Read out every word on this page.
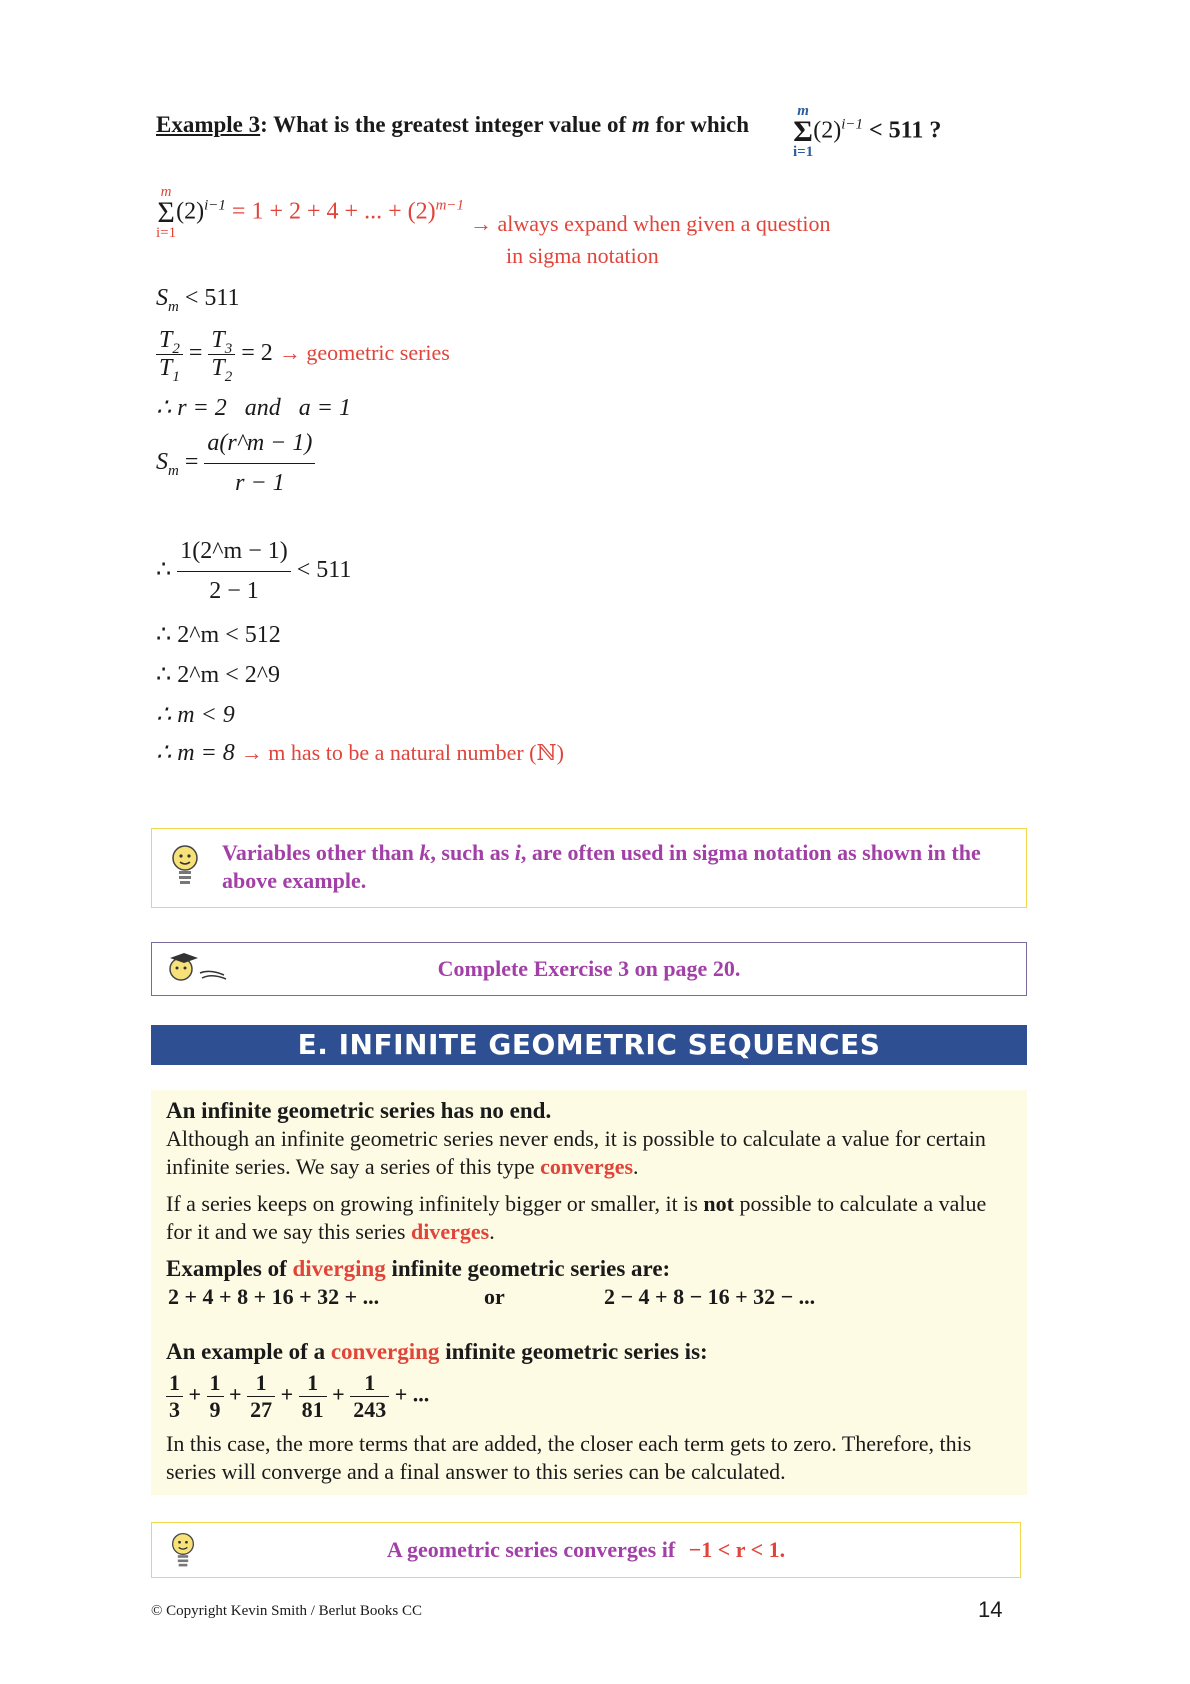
Example 3: What is the greatest integer value of m for which
m
Σ
i=1
$(2)^{i-1} < 511$ ?
m
Σ
i=1
$(2)^{i-1} = 1 + 2 + 4$ + ... + $(2)^{m-1}$
→ always expand when given a question
in sigma notation
$S_m < 511$
$\frac{T_2}{T_1} = \frac{T_3}{T_2} = 2$ → geometric series
∴ r = 2   and   a = 1
$S_m = \frac{a(r\^{}m - 1)}{r - 1}$
∴ $\frac{1(2\^{}m - 1)}{2 - 1} < 511$
∴ 2^m < 512
∴ 2^m < 2^9
∴ m < 9
∴ m = 8 → m has to be a natural number (ℕ)
Variables other than k, such as i, are often used in sigma notation as shown in the above example.
Complete Exercise 3 on page 20.
E. INFINITE GEOMETRIC SEQUENCES
An infinite geometric series has no end.
Although an infinite geometric series never ends, it is possible to calculate a value for certain infinite series. We say a series of this type converges.
If a series keeps on growing infinitely bigger or smaller, it is not possible to calculate a value for it and we say this series diverges.
Examples of diverging infinite geometric series are:
2 + 4 + 8 + 16 + 32 + ...	or	2 − 4 + 8 − 16 + 32 − ...
An example of a converging infinite geometric series is:
$\frac{1}{3} + \frac{1}{9} + \frac{1}{27} + \frac{1}{81} + \frac{1}{243}$ + ...
In this case, the more terms that are added, the closer each term gets to zero. Therefore, this series will converge and a final answer to this series can be calculated.
A geometric series converges if −1 < r < 1.
© Copyright Kevin Smith / Berlut Books CC	14
